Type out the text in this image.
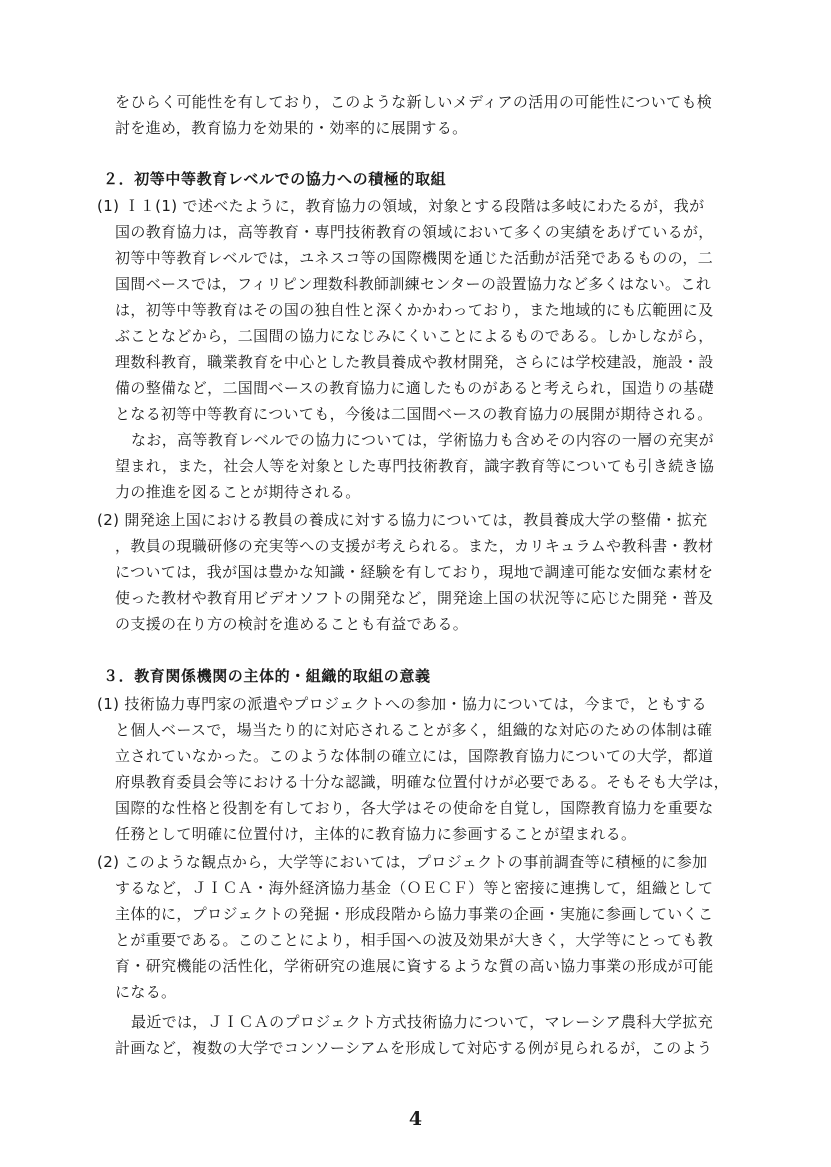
をひらく可能性を有しており，このような新しいメディアの活用の可能性についても検
討を進め，教育協力を効果的・効率的に展開する。
２．初等中等教育レベルでの協力への積極的取組
(1) Ｉ１(1) で述べたように，教育協力の領域，対象とする段階は多岐にわたるが，我が
国の教育協力は，高等教育・専門技術教育の領域において多くの実績をあげているが，
初等中等教育レベルでは，ユネスコ等の国際機関を通じた活動が活発であるものの，二
国間ベースでは，フィリピン理数科教師訓練センターの設置協力など多くはない。これ
は，初等中等教育はその国の独自性と深くかかわっており，また地域的にも広範囲に及
ぶことなどから，二国間の協力になじみにくいことによるものである。しかしながら，
理数科教育，職業教育を中心とした教員養成や教材開発，さらには学校建設，施設・設
備の整備など，二国間ベースの教育協力に適したものがあると考えられ，国造りの基礎
となる初等中等教育についても，今後は二国間ベースの教育協力の展開が期待される。
なお，高等教育レベルでの協力については，学術協力も含めその内容の一層の充実が
望まれ，また，社会人等を対象とした専門技術教育，識字教育等についても引き続き協
力の推進を図ることが期待される。
(2) 開発途上国における教員の養成に対する協力については，教員養成大学の整備・拡充
，教員の現職研修の充実等への支援が考えられる。また，カリキュラムや教科書・教材
については，我が国は豊かな知識・経験を有しており，現地で調達可能な安価な素材を
使った教材や教育用ビデオソフトの開発など，開発途上国の状況等に応じた開発・普及
の支援の在り方の検討を進めることも有益である。
３．教育関係機関の主体的・組織的取組の意義
(1) 技術協力専門家の派遣やプロジェクトへの参加・協力については，今まで，ともする
と個人ベースで，場当たり的に対応されることが多く，組織的な対応のための体制は確
立されていなかった。このような体制の確立には，国際教育協力についての大学，都道
府県教育委員会等における十分な認識，明確な位置付けが必要である。そもそも大学は，
国際的な性格と役割を有しており，各大学はその使命を自覚し，国際教育協力を重要な
任務として明確に位置付け，主体的に教育協力に参画することが望まれる。
(2) このような観点から，大学等においては，プロジェクトの事前調査等に積極的に参加
するなど，ＪＩＣＡ・海外経済協力基金（ＯＥＣＦ）等と密接に連携して，組織として
主体的に，プロジェクトの発掘・形成段階から協力事業の企画・実施に参画していくこ
とが重要である。このことにより，相手国への波及効果が大きく，大学等にとっても教
育・研究機能の活性化，学術研究の進展に資するような質の高い協力事業の形成が可能
になる。
最近では，ＪＩＣＡのプロジェクト方式技術協力について，マレーシア農科大学拡充
計画など，複数の大学でコンソーシアムを形成して対応する例が見られるが，このよう
4
